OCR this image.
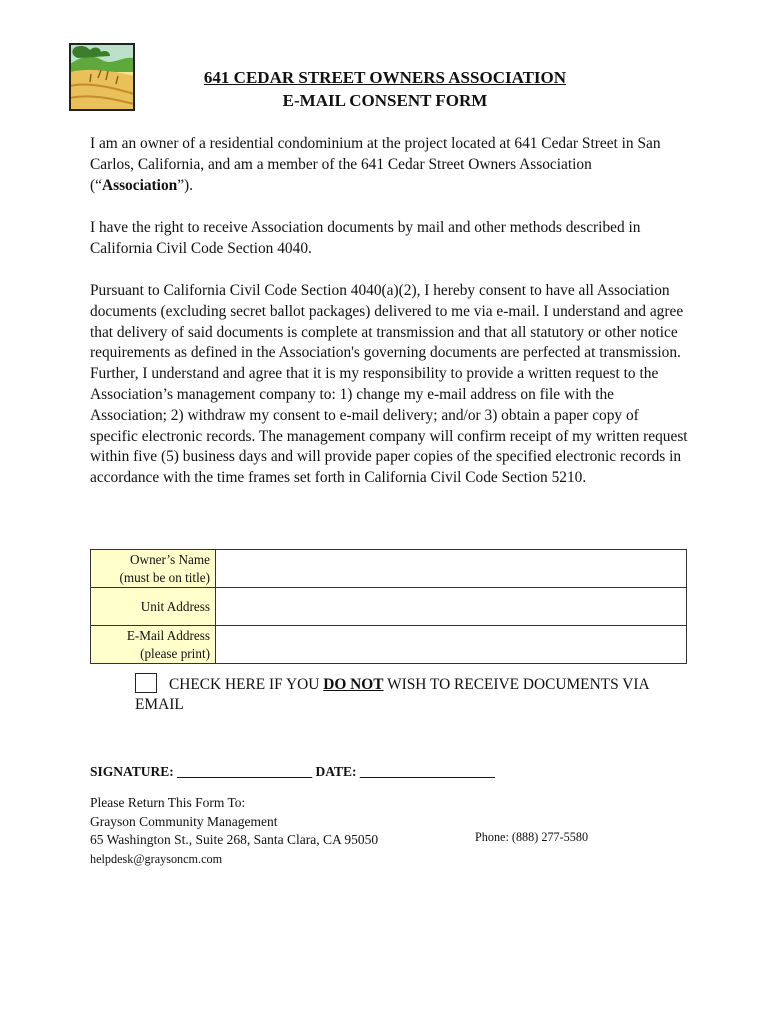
641 CEDAR STREET OWNERS ASSOCIATION
E-MAIL CONSENT FORM
I am an owner of a residential condominium at the project located at 641 Cedar Street in San Carlos, California, and am a member of the 641 Cedar Street Owners Association (“Association”).
I have the right to receive Association documents by mail and other methods described in California Civil Code Section 4040.
Pursuant to California Civil Code Section 4040(a)(2), I hereby consent to have all Association documents (excluding secret ballot packages) delivered to me via e-mail. I understand and agree that delivery of said documents is complete at transmission and that all statutory or other notice requirements as defined in the Association's governing documents are perfected at transmission. Further, I understand and agree that it is my responsibility to provide a written request to the Association’s management company to: 1) change my e-mail address on file with the Association; 2) withdraw my consent to e-mail delivery; and/or 3) obtain a paper copy of specific electronic records. The management company will confirm receipt of my written request within five (5) business days and will provide paper copies of the specified electronic records in accordance with the time frames set forth in California Civil Code Section 5210.
Owner’s Name
(must be on title)	

Unit Address	

E-Mail Address
(please print)	

CHECK HERE IF YOU DO NOT WISH TO RECEIVE DOCUMENTS VIA EMAIL
SIGNATURE: ____________________ DATE: ____________________
Please Return This Form To:
Grayson Community Management
65 Washington St., Suite 268, Santa Clara, CA 95050
helpdesk@graysoncm.com
Phone: (888) 277-5580
